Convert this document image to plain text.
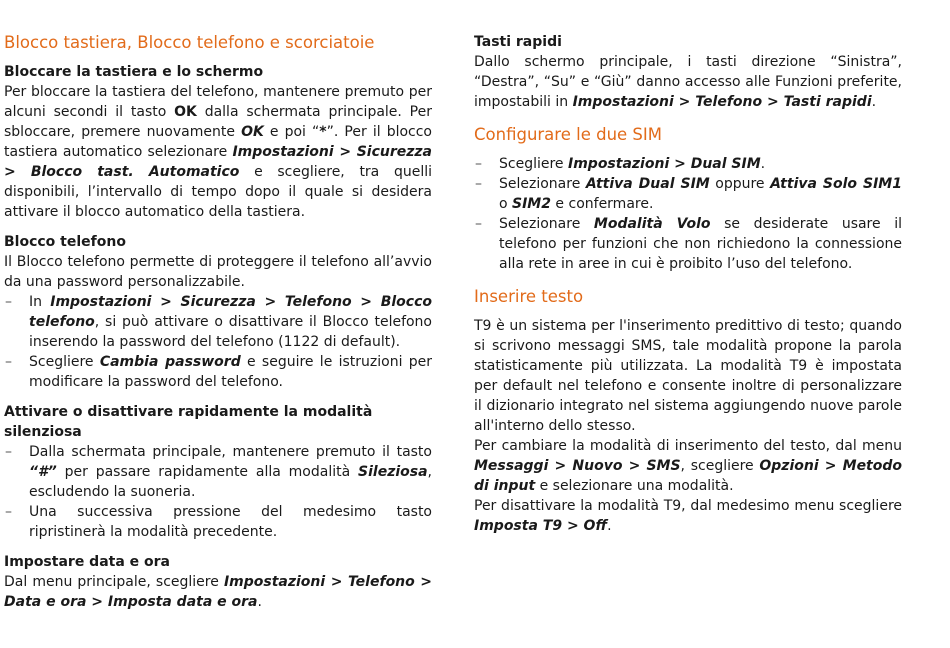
Blocco tastiera, Blocco telefono e scorciatoie
Bloccare la tastiera e lo schermo

Per bloccare la tastiera del telefono, mantenere premuto per alcuni secondi il tasto OK dalla schermata principale. Per sbloccare, premere nuovamente OK e poi “*”. Per il blocco tastiera automatico selezionare Impostazioni > Sicurezza > Blocco tast. Automatico e scegliere, tra quelli disponibili, l’intervallo di tempo dopo il quale si desidera attivare il blocco automatico della tastiera.

Blocco telefono

Il Blocco telefono permette di proteggere il telefono all’avvio da una password personalizzabile.

– In Impostazioni > Sicurezza > Telefono > Blocco telefono, si può attivare o disattivare il Blocco telefono inserendo la password del telefono (1122 di default).
– Scegliere Cambia password e seguire le istruzioni per modificare la password del telefono.
Attivare o disattivare rapidamente la modalità silenziosa
– Dalla schermata principale, mantenere premuto il tasto “#” per passare rapidamente alla modalità Sileziosa, escludendo la suoneria.
– Una successiva pressione del medesimo tasto ripristinerà la modalità precedente.
Impostare data e ora

Dal menu principale, scegliere Impostazioni > Telefono > Data e ora > Imposta data e ora.

Tasti rapidi

Dallo schermo principale, i tasti direzione “Sinistra”, “Destra”, “Su” e “Giù” danno accesso alle Funzioni preferite, impostabili in Impostazioni > Telefono > Tasti rapidi.

Configurare le due SIM
– Scegliere Impostazioni > Dual SIM.
– Selezionare Attiva Dual SIM oppure Attiva Solo SIM1 o SIM2 e confermare.
– Selezionare Modalità Volo se desiderate usare il telefono per funzioni che non richiedono la connessione alla rete in aree in cui è proibito l’uso del telefono.
Inserire testo

T9 è un sistema per l'inserimento predittivo di testo; quando si scrivono messaggi SMS, tale modalità propone la parola statisticamente più utilizzata. La modalità T9 è impostata per default nel telefono e consente inoltre di personalizzare il dizionario integrato nel sistema aggiungendo nuove parole all'interno dello stesso.

Per cambiare la modalità di inserimento del testo, dal menu Messaggi > Nuovo > SMS, scegliere Opzioni > Metodo di input e selezionare una modalità.

Per disattivare la modalità T9, dal medesimo menu scegliere Imposta T9 > Off.
